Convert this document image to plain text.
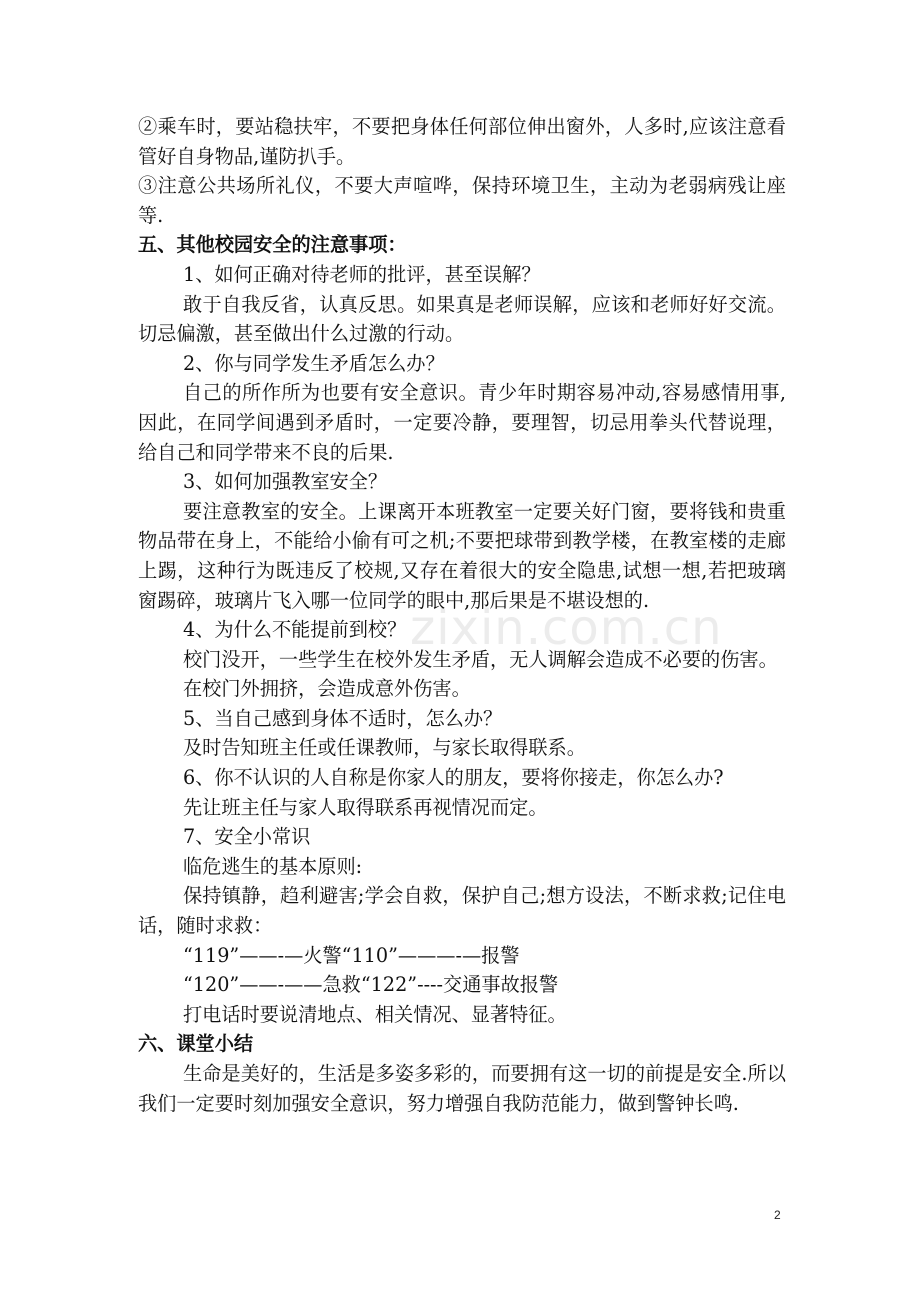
zixin.com.cn

②乘车时，要站稳扶牢，不要把身体任何部位伸出窗外，人多时,应该注意看管好自身物品,谨防扒手。

③注意公共场所礼仪，不要大声喧哗，保持环境卫生，主动为老弱病残让座等.

五、其他校园安全的注意事项：

1、如何正确对待老师的批评，甚至误解？

敢于自我反省，认真反思。如果真是老师误解，应该和老师好好交流。切忌偏激，甚至做出什么过激的行动。

2、你与同学发生矛盾怎么办？

自己的所作所为也要有安全意识。青少年时期容易冲动,容易感情用事,因此，在同学间遇到矛盾时，一定要冷静，要理智，切忌用拳头代替说理，给自己和同学带来不良的后果.

3、如何加强教室安全？

要注意教室的安全。上课离开本班教室一定要关好门窗，要将钱和贵重物品带在身上，不能给小偷有可之机;不要把球带到教学楼，在教室楼的走廊上踢，这种行为既违反了校规,又存在着很大的安全隐患,试想一想,若把玻璃窗踢碎，玻璃片飞入哪一位同学的眼中,那后果是不堪设想的.

4、为什么不能提前到校？

校门没开，一些学生在校外发生矛盾，无人调解会造成不必要的伤害。

在校门外拥挤，会造成意外伤害。

5、当自己感到身体不适时，怎么办？

及时告知班主任或任课教师，与家长取得联系。

6、你不认识的人自称是你家人的朋友，要将你接走，你怎么办?

先让班主任与家人取得联系再视情况而定。

7、安全小常识

临危逃生的基本原则:

保持镇静，趋利避害;学会自救，保护自己;想方设法，不断求救;记住电话，随时求救：

“119”——-—火警“110”———-—报警

“120”——-——急救“122”----交通事故报警

打电话时要说清地点、相关情况、显著特征。

六、课堂小结

生命是美好的，生活是多姿多彩的，而要拥有这一切的前提是安全.所以我们一定要时刻加强安全意识，努力增强自我防范能力，做到警钟长鸣.

2
